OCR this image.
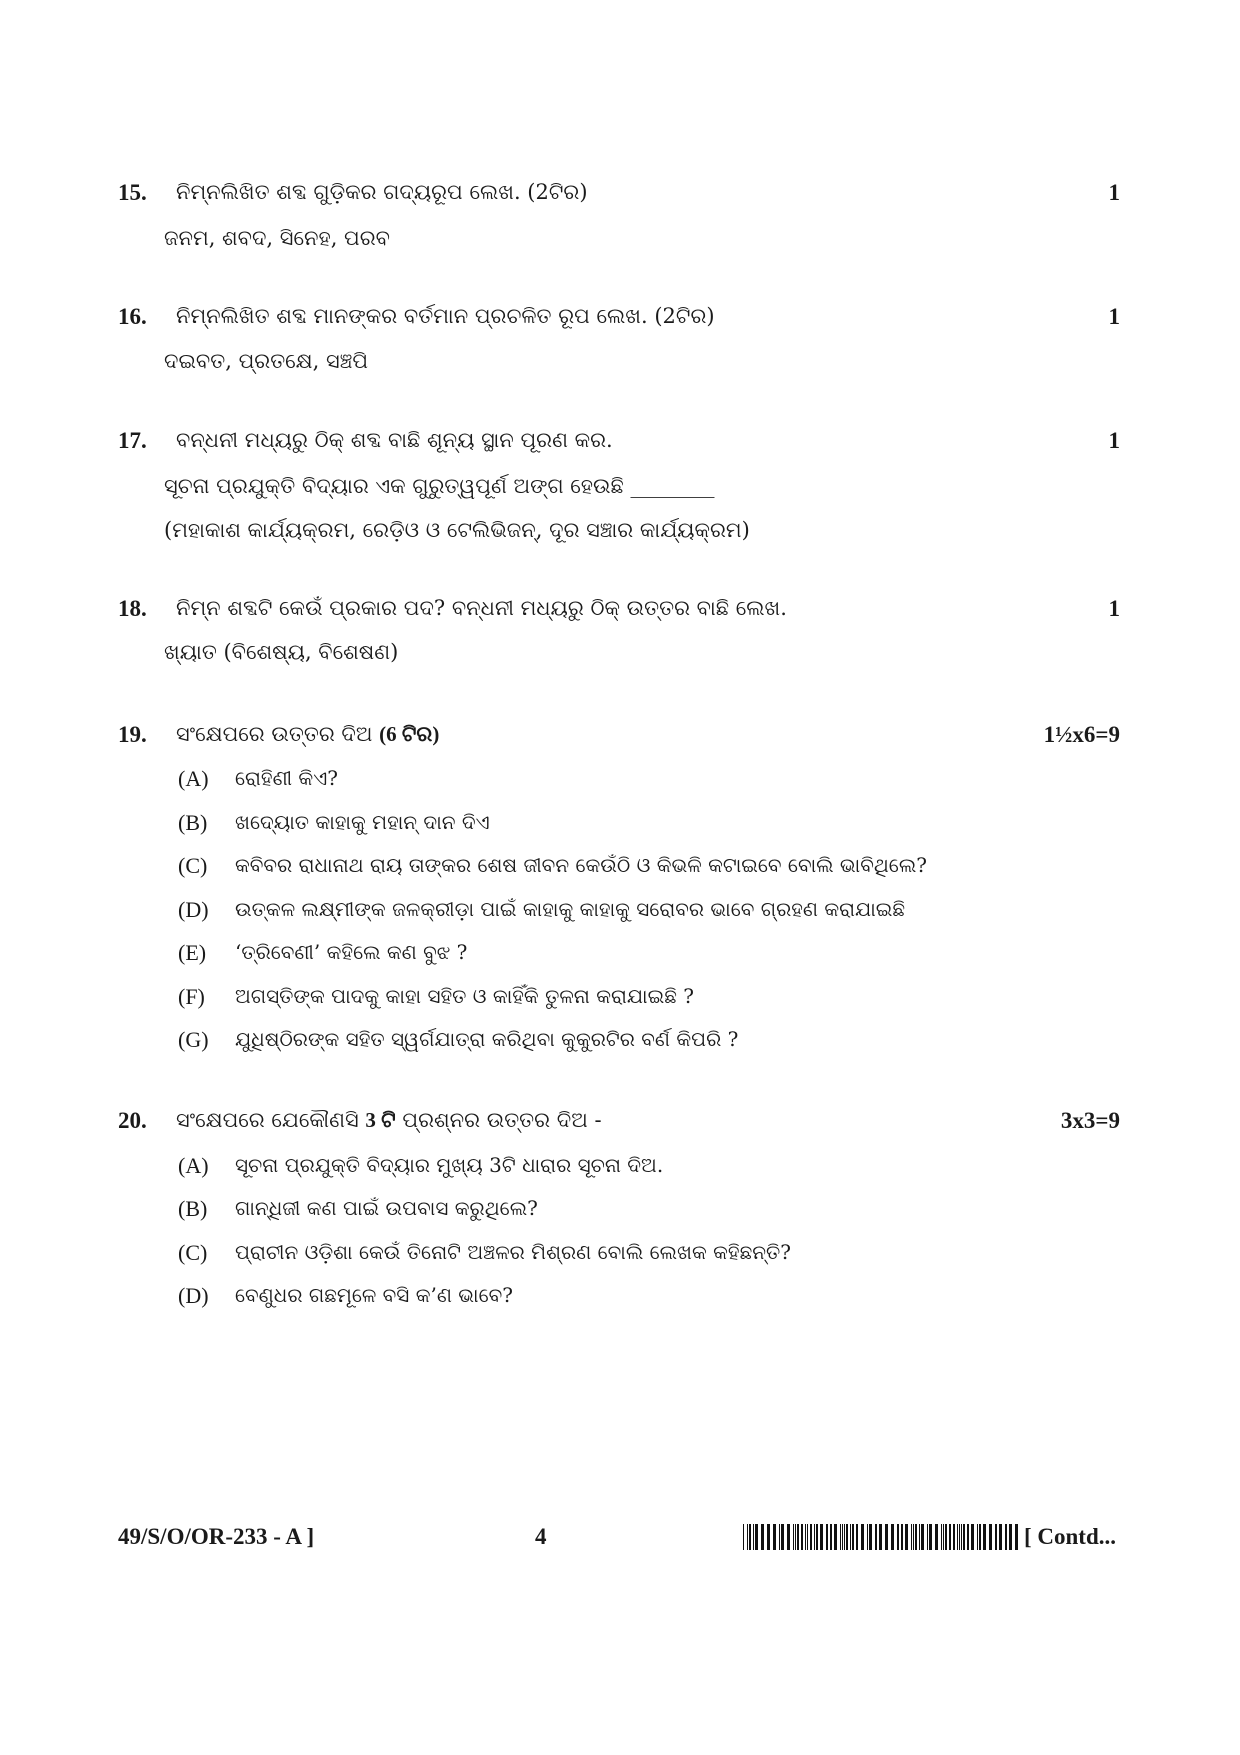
15. ନିମ୍ନଲିଖିତ ଶବ୍ଦ ଗୁଡ଼ିକର ଗଦ୍ୟରୂପ ଲେଖ. (2ଟିର)	1
ଜନମ, ଶବଦ, ସିନେହ, ପରବ
16. ନିମ୍ନଲିଖିତ ଶବ୍ଦ ମାନଙ୍କର ବର୍ତମାନ ପ୍ରଚଳିତ ରୂପ ଲେଖ. (2ଟିର)	1
ଦଇବତ, ପ୍ରତକ୍ଷେ, ସଞ୍ଚପି
17. ବନ୍ଧନୀ ମଧ୍ୟରୁ ଠିକ୍ ଶବ୍ଦ ବାଛି ଶୂନ୍ୟ ସ୍ଥାନ ପୂରଣ କର.	1
ସୂଚନା ପ୍ରଯୁକ୍ତି ବିଦ୍ୟାର ଏକ ଗୁରୁତ୍ୱପୂର୍ଣ ଅଙ୍ଗ ହେଉଛି ________
(ମହାକାଶ କାର୍ଯ୍ୟକ୍ରମ, ରେଡ଼ିଓ ଓ ଟେଲିଭିଜନ୍, ଦୂର ସଞ୍ଚାର କାର୍ଯ୍ୟକ୍ରମ)
18. ନିମ୍ନ ଶବ୍ଦଟି କେଉଁ ପ୍ରକାର ପଦ? ବନ୍ଧନୀ ମଧ୍ୟରୁ ଠିକ୍ ଉତ୍ତର ବାଛି ଲେଖ.	1
ଖ୍ୟାତ (ବିଶେଷ୍ୟ, ବିଶେଷଣ)
19. ସଂକ୍ଷେପରେ ଉତ୍ତର ଦିଅ (6 ଟିର)	1½x6=9
(A) ରୋହିଣୀ କିଏ?
(B) ଖଦ୍ୟୋତ କାହାକୁ ମହାନ୍ ଦାନ ଦିଏ
(C) କବିବର ରାଧାନାଥ ରାୟ ତାଙ୍କର ଶେଷ ଜୀବନ କେଉଁଠି ଓ କିଭଳି କଟାଇବେ ବୋଲି ଭାବିଥିଲେ?
(D) ଉତ୍କଳ ଲକ୍ଷ୍ମୀଙ୍କ ଜଳକ୍ରୀଡ଼ା ପାଇଁ କାହାକୁ କାହାକୁ ସରୋବର ଭାବେ ଗ୍ରହଣ କରାଯାଇଛି
(E) ‘ତ୍ରିବେଣୀ’ କହିଲେ କଣ ବୁଝ ?
(F) ଅଗସ୍ତିଙ୍କ ପାଦକୁ କାହା ସହିତ ଓ କାହିଁକି ତୁଳନା କରାଯାଇଛି ?
(G) ଯୁଧିଷ୍ଠିରଙ୍କ ସହିତ ସ୍ୱର୍ଗଯାତ୍ରା କରିଥିବା କୁକୁରଟିର ବର୍ଣ କିପରି ?
20. ସଂକ୍ଷେପରେ ଯେକୌଣସି 3 ଟି ପ୍ରଶ୍ନର ଉତ୍ତର ଦିଅ -	3x3=9
(A) ସୂଚନା ପ୍ରଯୁକ୍ତି ବିଦ୍ୟାର ମୁଖ୍ୟ 3ଟି ଧାରାର ସୂଚନା ଦିଅ.
(B) ଗାନ୍ଧିଜୀ କଣ ପାଇଁ ଉପବାସ କରୁଥିଲେ?
(C) ପ୍ରାଚୀନ ଓଡ଼ିଶା କେଉଁ ତିନୋଟି ଅଞ୍ଚଳର ମିଶ୍ରଣ ବୋଲି ଲେଖକ କହିଛନ୍ତି?
(D) ବେଣୁଧର ଗଛମୂଳେ ବସି କ’ଣ ଭାବେ?
49/S/O/OR-233 - A ]	4	[ Contd...
